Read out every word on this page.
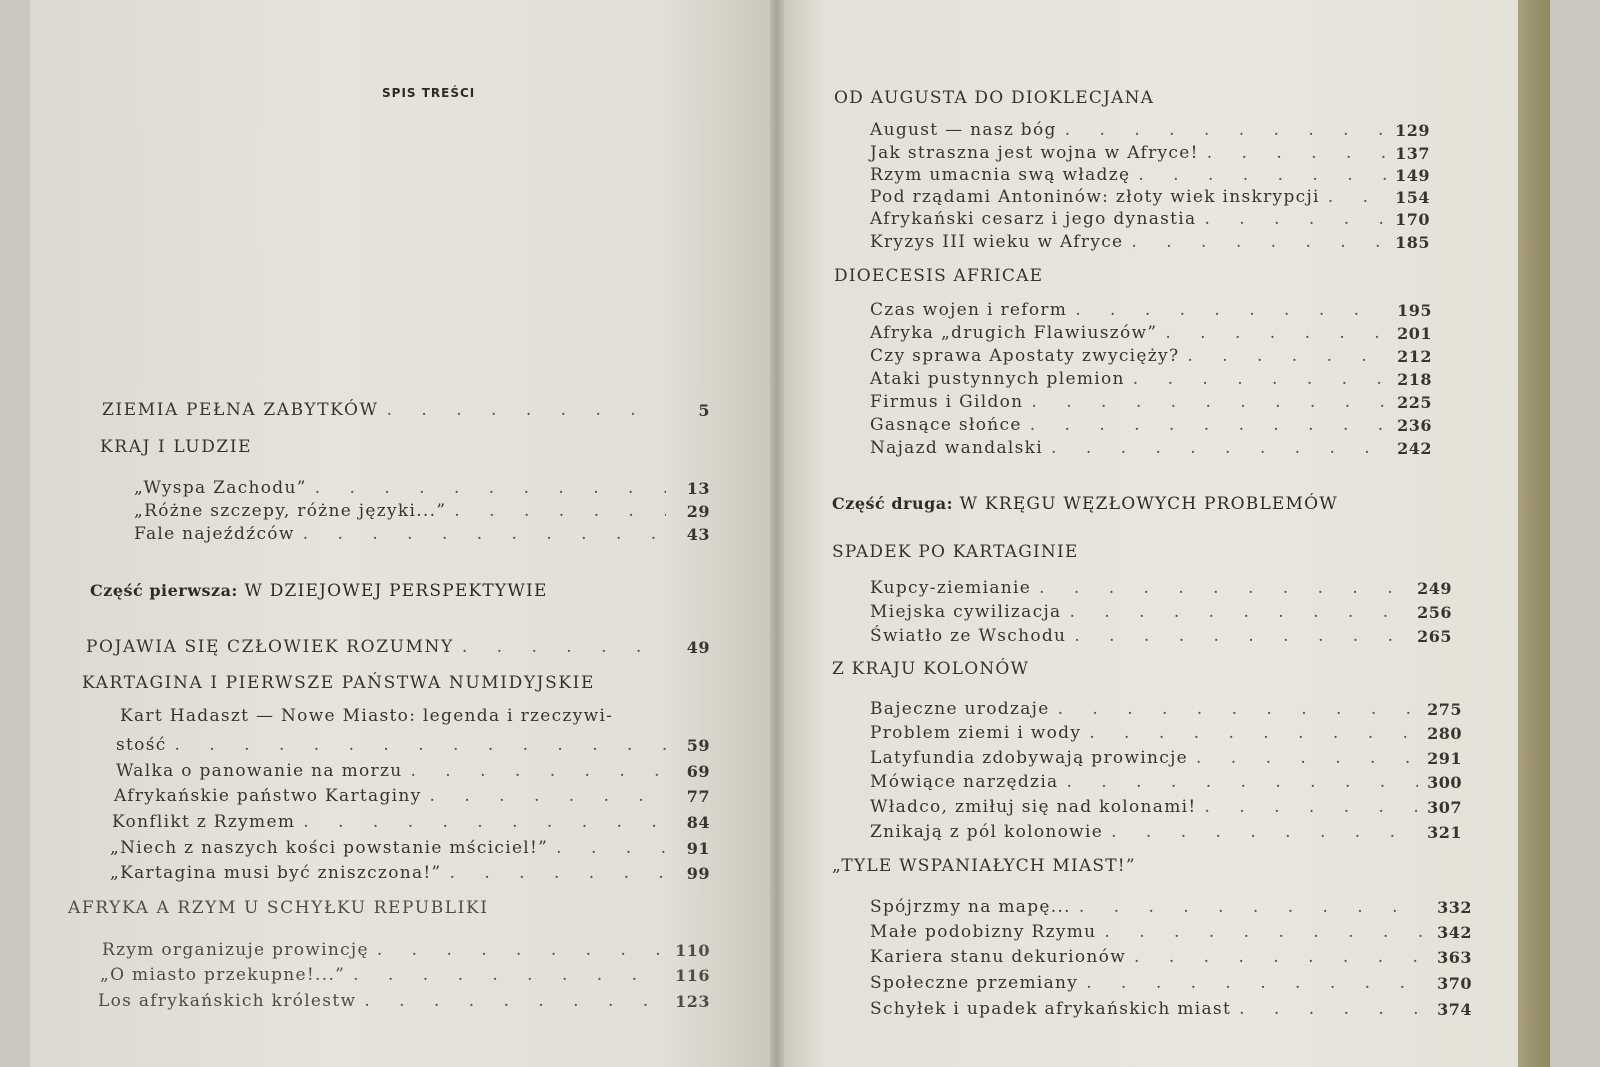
SPIS TREŚCI
ZIEMIA PEŁNA ZABYTKÓW . . .	5
KRAJ I LUDZIE
„Wyspa Zachodu” . . .	13
„Różne szczepy, różne języki...” . . .	29
Fale najeźdźców . . .	43
Część pierwsza: W DZIEJOWEJ PERSPEKTYWIE
POJAWIA SIĘ CZŁOWIEK ROZUMNY . . .	49
KARTAGINA I PIERWSZE PAŃSTWA NUMIDYJSKIE
Kart Hadaszt — Nowe Miasto: legenda i rzeczywi-
stość . . .	59
Walka o panowanie na morzu . . .	69
Afrykańskie państwo Kartaginy . . .	77
Konflikt z Rzymem . . .	84
„Niech z naszych kości powstanie mściciel!” . . .	91
„Kartagina musi być zniszczona!” . . .	99
AFRYKA A RZYM U SCHYŁKU REPUBLIKI
Rzym organizuje prowincję . . .	110
„O miasto przekupne!...” . . .	116
Los afrykańskich królestw . . .	123
OD AUGUSTA DO DIOKLECJANA
August — nasz bóg . . .	129
Jak straszna jest wojna w Afryce! . . .	137
Rzym umacnia swą władzę . . .	149
Pod rządami Antoninów: złoty wiek inskrypcji . . .	154
Afrykański cesarz i jego dynastia . . .	170
Kryzys III wieku w Afryce . . .	185
DIOECESIS AFRICAE
Czas wojen i reform . . .	195
Afryka „drugich Flawiuszów” . . .	201
Czy sprawa Apostaty zwycięży? . . .	212
Ataki pustynnych plemion . . .	218
Firmus i Gildon . . .	225
Gasnące słońce . . .	236
Najazd wandalski . . .	242
Część druga: W KRĘGU WĘZŁOWYCH PROBLEMÓW
SPADEK PO KARTAGINIE
Kupcy-ziemianie . . .	249
Miejska cywilizacja . . .	256
Światło ze Wschodu . . .	265
Z KRAJU KOLONÓW
Bajeczne urodzaje . . .	275
Problem ziemi i wody . . .	280
Latyfundia zdobywają prowincje . . .	291
Mówiące narzędzia . . .	300
Władco, zmiłuj się nad kolonami! . . .	307
Znikają z pól kolonowie . . .	321
„TYLE WSPANIAŁYCH MIAST!”
Spójrzmy na mapę... . . .	332
Małe podobizny Rzymu . . .	342
Kariera stanu dekurionów . . .	363
Społeczne przemiany . . .	370
Schyłek i upadek afrykańskich miast . . .	374
